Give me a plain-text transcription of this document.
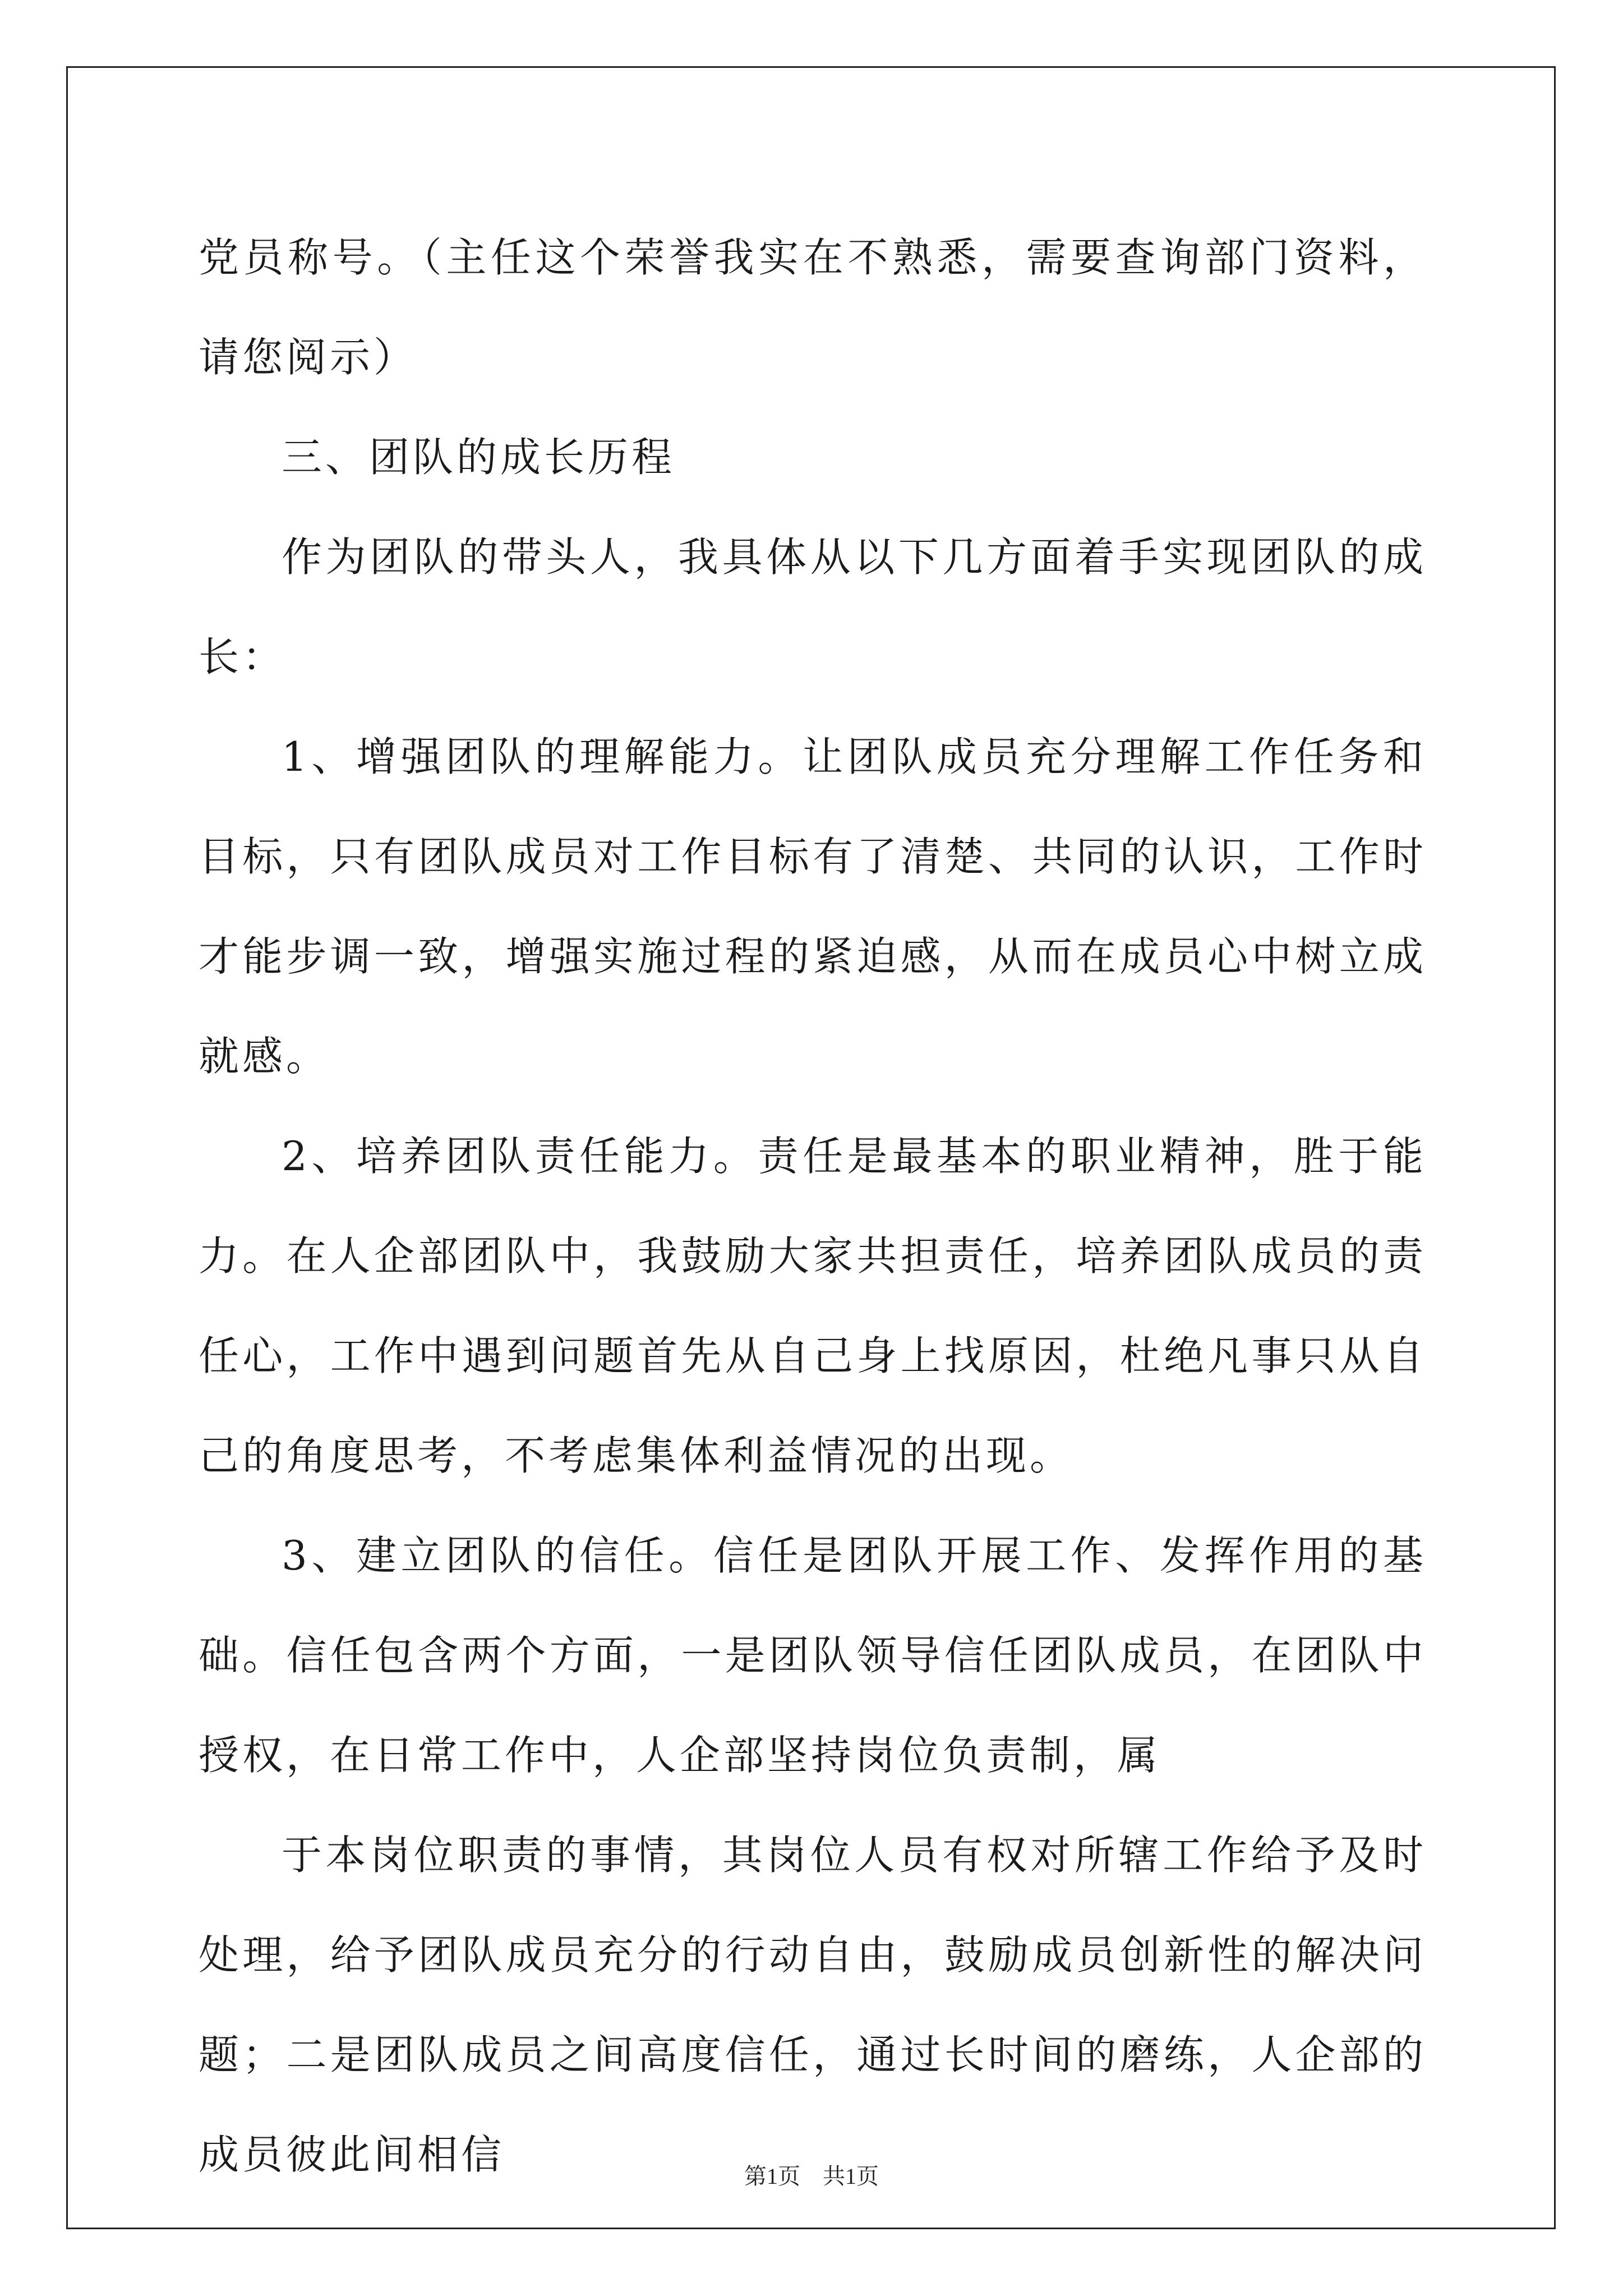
党员称号。（主任这个荣誉我实在不熟悉，需要查询部门资料，请您阅示）

三、团队的成长历程

作为团队的带头人，我具体从以下几方面着手实现团队的成长：

1、增强团队的理解能力。让团队成员充分理解工作任务和目标，只有团队成员对工作目标有了清楚、共同的认识，工作时才能步调一致，增强实施过程的紧迫感，从而在成员心中树立成就感。

2、培养团队责任能力。责任是最基本的职业精神，胜于能力。在人企部团队中，我鼓励大家共担责任，培养团队成员的责任心，工作中遇到问题首先从自己身上找原因，杜绝凡事只从自己的角度思考，不考虑集体利益情况的出现。

3、建立团队的信任。信任是团队开展工作、发挥作用的基础。信任包含两个方面，一是团队领导信任团队成员，在团队中授权，在日常工作中，人企部坚持岗位负责制，属

于本岗位职责的事情，其岗位人员有权对所辖工作给予及时处理，给予团队成员充分的行动自由，鼓励成员创新性的解决问题；二是团队成员之间高度信任，通过长时间的磨练，人企部的成员彼此间相信	第1页　共1页
